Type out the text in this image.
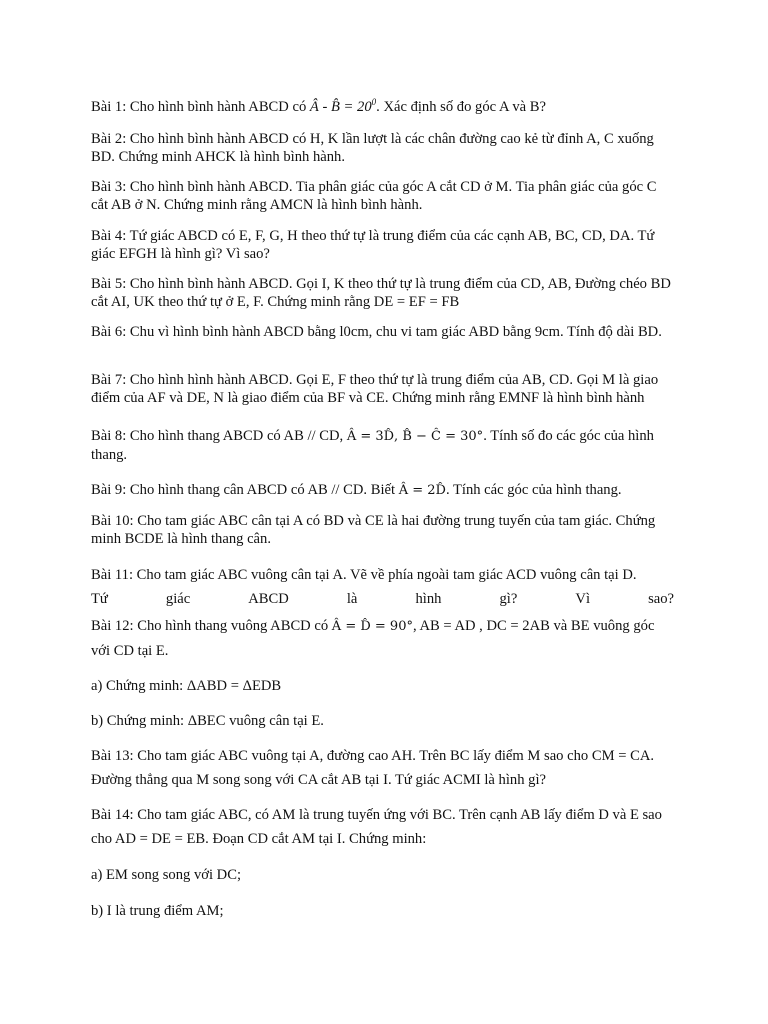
Bài 1: Cho hình bình hành ABCD có Â - B̂ = $20^0$. Xác định số đo góc A và B?

Bài 2: Cho hình bình hành ABCD có H, K lần lượt là các chân đường cao kẻ từ đỉnh A, C xuống BD. Chứng minh AHCK là hình bình hành.

Bài 3: Cho hình bình hành ABCD. Tia phân giác của góc A cắt CD ở M. Tia phân giác của góc C cắt AB ở N. Chứng minh rằng AMCN là hình bình hành.

Bài 4: Tứ giác ABCD có E, F, G, H theo thứ tự là trung điểm của các cạnh AB, BC, CD, DA. Tứ giác EFGH là hình gì? Vì sao?

Bài 5: Cho hình bình hành ABCD. Gọi I, K theo thứ tự là trung điểm của CD, AB, Đường chéo BD cắt AI, UK theo thứ tự ở E, F. Chứng minh rằng DE = EF = FB

Bài 6: Chu vì hình bình hành ABCD bằng l0cm, chu vi tam giác ABD bằng 9cm. Tính độ dài BD.

Bài 7: Cho hình hình hành ABCD. Gọi E, F theo thứ tự là trung điểm của AB, CD. Gọi M là giao điểm của AF và DE, N là giao điểm của BF và CE. Chứng minh rằng EMNF là hình bình hành

Bài 8: Cho hình thang ABCD có AB // CD, Â = 3D̂, B̂ − Ĉ = 30°. Tính số đo các góc của hình thang.

Bài 9: Cho hình thang cân ABCD có AB // CD. Biết Â = 2D̂. Tính các góc của hình thang.

Bài 10: Cho tam giác ABC cân tại A có BD và CE là hai đường trung tuyến của tam giác. Chứng minh BCDE là hình thang cân.

Bài 11: Cho tam giác ABC vuông cân tại A. Vẽ về phía ngoài tam giác ACD vuông cân tại D.
Tứ	giác	ABCD	là	hình	gì?	Vì	sao?

Bài 12: Cho hình thang vuông ABCD có Â = D̂ = 90°, AB = AD , DC = 2AB và BE vuông góc với CD tại E.

a) Chứng minh: ΔABD = ΔEDB

b) Chứng minh: ΔBEC vuông cân tại E.

Bài 13: Cho tam giác ABC vuông tại A, đường cao AH. Trên BC lấy điểm M sao cho CM = CA. Đường thẳng qua M song song với CA cắt AB tại I. Tứ giác ACMI là hình gì?

Bài 14: Cho tam giác ABC, có AM là trung tuyến ứng với BC. Trên cạnh AB lấy điểm D và E sao cho AD = DE = EB. Đoạn CD cắt AM tại I. Chứng minh:

a) EM song song với DC;

b) I là trung điểm AM;
